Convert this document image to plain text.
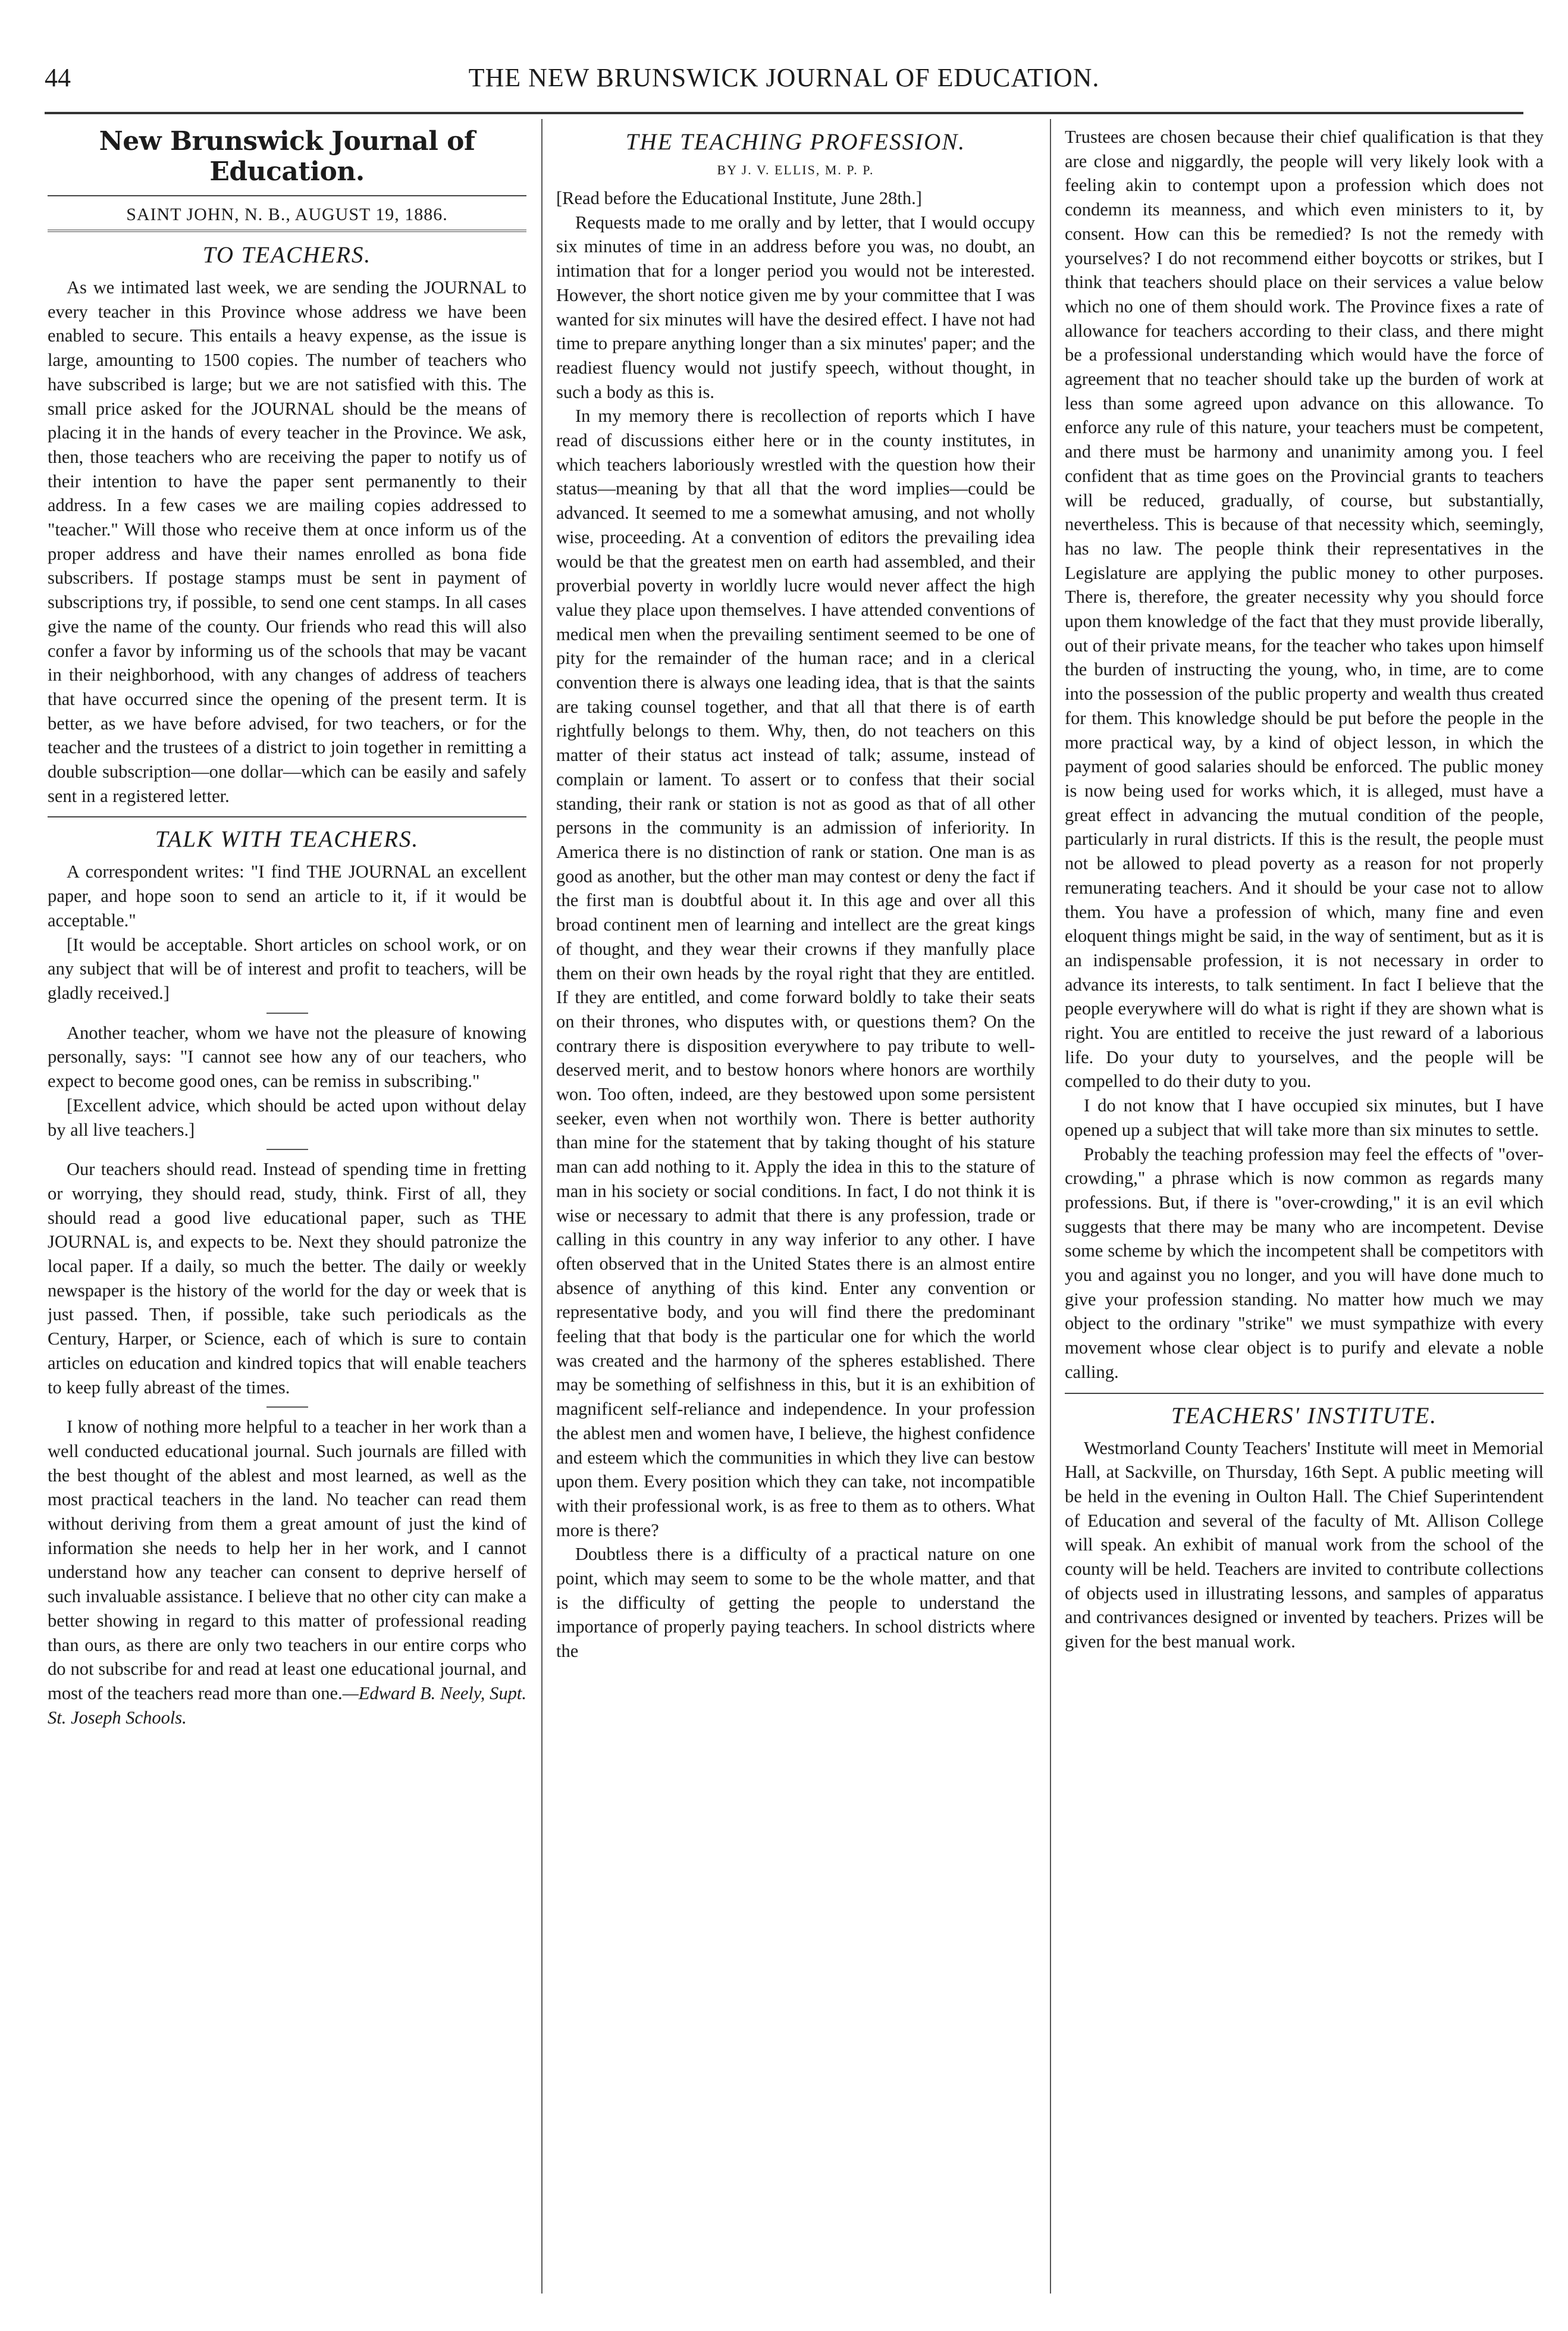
44	THE NEW BRUNSWICK JOURNAL OF EDUCATION.
New Brunswick Journal of Education.
SAINT JOHN, N. B., AUGUST 19, 1886.
TO TEACHERS.

As we intimated last week, we are sending the JOURNAL to every teacher in this Province whose address we have been enabled to secure. This entails a heavy expense, as the issue is large, amounting to 1500 copies. The number of teachers who have subscribed is large; but we are not satisfied with this. The small price asked for the JOURNAL should be the means of placing it in the hands of every teacher in the Province. We ask, then, those teachers who are receiving the paper to notify us of their intention to have the paper sent permanently to their address. In a few cases we are mailing copies addressed to "teacher." Will those who receive them at once inform us of the proper address and have their names enrolled as bona fide subscribers. If postage stamps must be sent in payment of subscriptions try, if possible, to send one cent stamps. In all cases give the name of the county. Our friends who read this will also confer a favor by informing us of the schools that may be vacant in their neighborhood, with any changes of address of teachers that have occurred since the opening of the present term. It is better, as we have before advised, for two teachers, or for the teacher and the trustees of a district to join together in remitting a double subscription—one dollar—which can be easily and safely sent in a registered letter.

TALK WITH TEACHERS.

A correspondent writes: "I find THE JOURNAL an excellent paper, and hope soon to send an article to it, if it would be acceptable."

[It would be acceptable. Short articles on school work, or on any subject that will be of interest and profit to teachers, will be gladly received.]

Another teacher, whom we have not the pleasure of knowing personally, says: "I cannot see how any of our teachers, who expect to become good ones, can be remiss in subscribing."

[Excellent advice, which should be acted upon without delay by all live teachers.]

Our teachers should read. Instead of spending time in fretting or worrying, they should read, study, think. First of all, they should read a good live educational paper, such as THE JOURNAL is, and expects to be. Next they should patronize the local paper. If a daily, so much the better. The daily or weekly newspaper is the history of the world for the day or week that is just passed. Then, if possible, take such periodicals as the Century, Harper, or Science, each of which is sure to contain articles on education and kindred topics that will enable teachers to keep fully abreast of the times.

I know of nothing more helpful to a teacher in her work than a well conducted educational journal. Such journals are filled with the best thought of the ablest and most learned, as well as the most practical teachers in the land. No teacher can read them without deriving from them a great amount of just the kind of information she needs to help her in her work, and I cannot understand how any teacher can consent to deprive herself of such invaluable assistance. I believe that no other city can make a better showing in regard to this matter of professional reading than ours, as there are only two teachers in our entire corps who do not subscribe for and read at least one educational journal, and most of the teachers read more than one.—Edward B. Neely, Supt. St. Joseph Schools.

THE TEACHING PROFESSION.
BY J. V. ELLIS, M. P. P.

[Read before the Educational Institute, June 28th.]

Requests made to me orally and by letter, that I would occupy six minutes of time in an address before you was, no doubt, an intimation that for a longer period you would not be interested. However, the short notice given me by your committee that I was wanted for six minutes will have the desired effect. I have not had time to prepare anything longer than a six minutes' paper; and the readiest fluency would not justify speech, without thought, in such a body as this is.

In my memory there is recollection of reports which I have read of discussions either here or in the county institutes, in which teachers laboriously wrestled with the question how their status—meaning by that all that the word implies—could be advanced. It seemed to me a somewhat amusing, and not wholly wise, proceeding. At a convention of editors the prevailing idea would be that the greatest men on earth had assembled, and their proverbial poverty in worldly lucre would never affect the high value they place upon themselves. I have attended conventions of medical men when the prevailing sentiment seemed to be one of pity for the remainder of the human race; and in a clerical convention there is always one leading idea, that is that the saints are taking counsel together, and that all that there is of earth rightfully belongs to them. Why, then, do not teachers on this matter of their status act instead of talk; assume, instead of complain or lament. To assert or to confess that their social standing, their rank or station is not as good as that of all other persons in the community is an admission of inferiority. In America there is no distinction of rank or station. One man is as good as another, but the other man may contest or deny the fact if the first man is doubtful about it. In this age and over all this broad continent men of learning and intellect are the great kings of thought, and they wear their crowns if they manfully place them on their own heads by the royal right that they are entitled. If they are entitled, and come forward boldly to take their seats on their thrones, who disputes with, or questions them? On the contrary there is disposition everywhere to pay tribute to well-deserved merit, and to bestow honors where honors are worthily won. Too often, indeed, are they bestowed upon some persistent seeker, even when not worthily won. There is better authority than mine for the statement that by taking thought of his stature man can add nothing to it. Apply the idea in this to the stature of man in his society or social conditions. In fact, I do not think it is wise or necessary to admit that there is any profession, trade or calling in this country in any way inferior to any other. I have often observed that in the United States there is an almost entire absence of anything of this kind. Enter any convention or representative body, and you will find there the predominant feeling that that body is the particular one for which the world was created and the harmony of the spheres established. There may be something of selfishness in this, but it is an exhibition of magnificent self-reliance and independence. In your profession the ablest men and women have, I believe, the highest confidence and esteem which the communities in which they live can bestow upon them. Every position which they can take, not incompatible with their professional work, is as free to them as to others. What more is there?

Doubtless there is a difficulty of a practical nature on one point, which may seem to some to be the whole matter, and that is the difficulty of getting the people to understand the importance of properly paying teachers. In school districts where the

Trustees are chosen because their chief qualification is that they are close and niggardly, the people will very likely look with a feeling akin to contempt upon a profession which does not condemn its meanness, and which even ministers to it, by consent. How can this be remedied? Is not the remedy with yourselves? I do not recommend either boycotts or strikes, but I think that teachers should place on their services a value below which no one of them should work. The Province fixes a rate of allowance for teachers according to their class, and there might be a professional understanding which would have the force of agreement that no teacher should take up the burden of work at less than some agreed upon advance on this allowance. To enforce any rule of this nature, your teachers must be competent, and there must be harmony and unanimity among you. I feel confident that as time goes on the Provincial grants to teachers will be reduced, gradually, of course, but substantially, nevertheless. This is because of that necessity which, seemingly, has no law. The people think their representatives in the Legislature are applying the public money to other purposes. There is, therefore, the greater necessity why you should force upon them knowledge of the fact that they must provide liberally, out of their private means, for the teacher who takes upon himself the burden of instructing the young, who, in time, are to come into the possession of the public property and wealth thus created for them. This knowledge should be put before the people in the more practical way, by a kind of object lesson, in which the payment of good salaries should be enforced. The public money is now being used for works which, it is alleged, must have a great effect in advancing the mutual condition of the people, particularly in rural districts. If this is the result, the people must not be allowed to plead poverty as a reason for not properly remunerating teachers. And it should be your case not to allow them. You have a profession of which, many fine and even eloquent things might be said, in the way of sentiment, but as it is an indispensable profession, it is not necessary in order to advance its interests, to talk sentiment. In fact I believe that the people everywhere will do what is right if they are shown what is right. You are entitled to receive the just reward of a laborious life. Do your duty to yourselves, and the people will be compelled to do their duty to you.

I do not know that I have occupied six minutes, but I have opened up a subject that will take more than six minutes to settle.

Probably the teaching profession may feel the effects of "over-crowding," a phrase which is now common as regards many professions. But, if there is "over-crowding," it is an evil which suggests that there may be many who are incompetent. Devise some scheme by which the incompetent shall be competitors with you and against you no longer, and you will have done much to give your profession standing. No matter how much we may object to the ordinary "strike" we must sympathize with every movement whose clear object is to purify and elevate a noble calling.

TEACHERS' INSTITUTE.

Westmorland County Teachers' Institute will meet in Memorial Hall, at Sackville, on Thursday, 16th Sept. A public meeting will be held in the evening in Oulton Hall. The Chief Superintendent of Education and several of the faculty of Mt. Allison College will speak. An exhibit of manual work from the school of the county will be held. Teachers are invited to contribute collections of objects used in illustrating lessons, and samples of apparatus and contrivances designed or invented by teachers. Prizes will be given for the best manual work.
